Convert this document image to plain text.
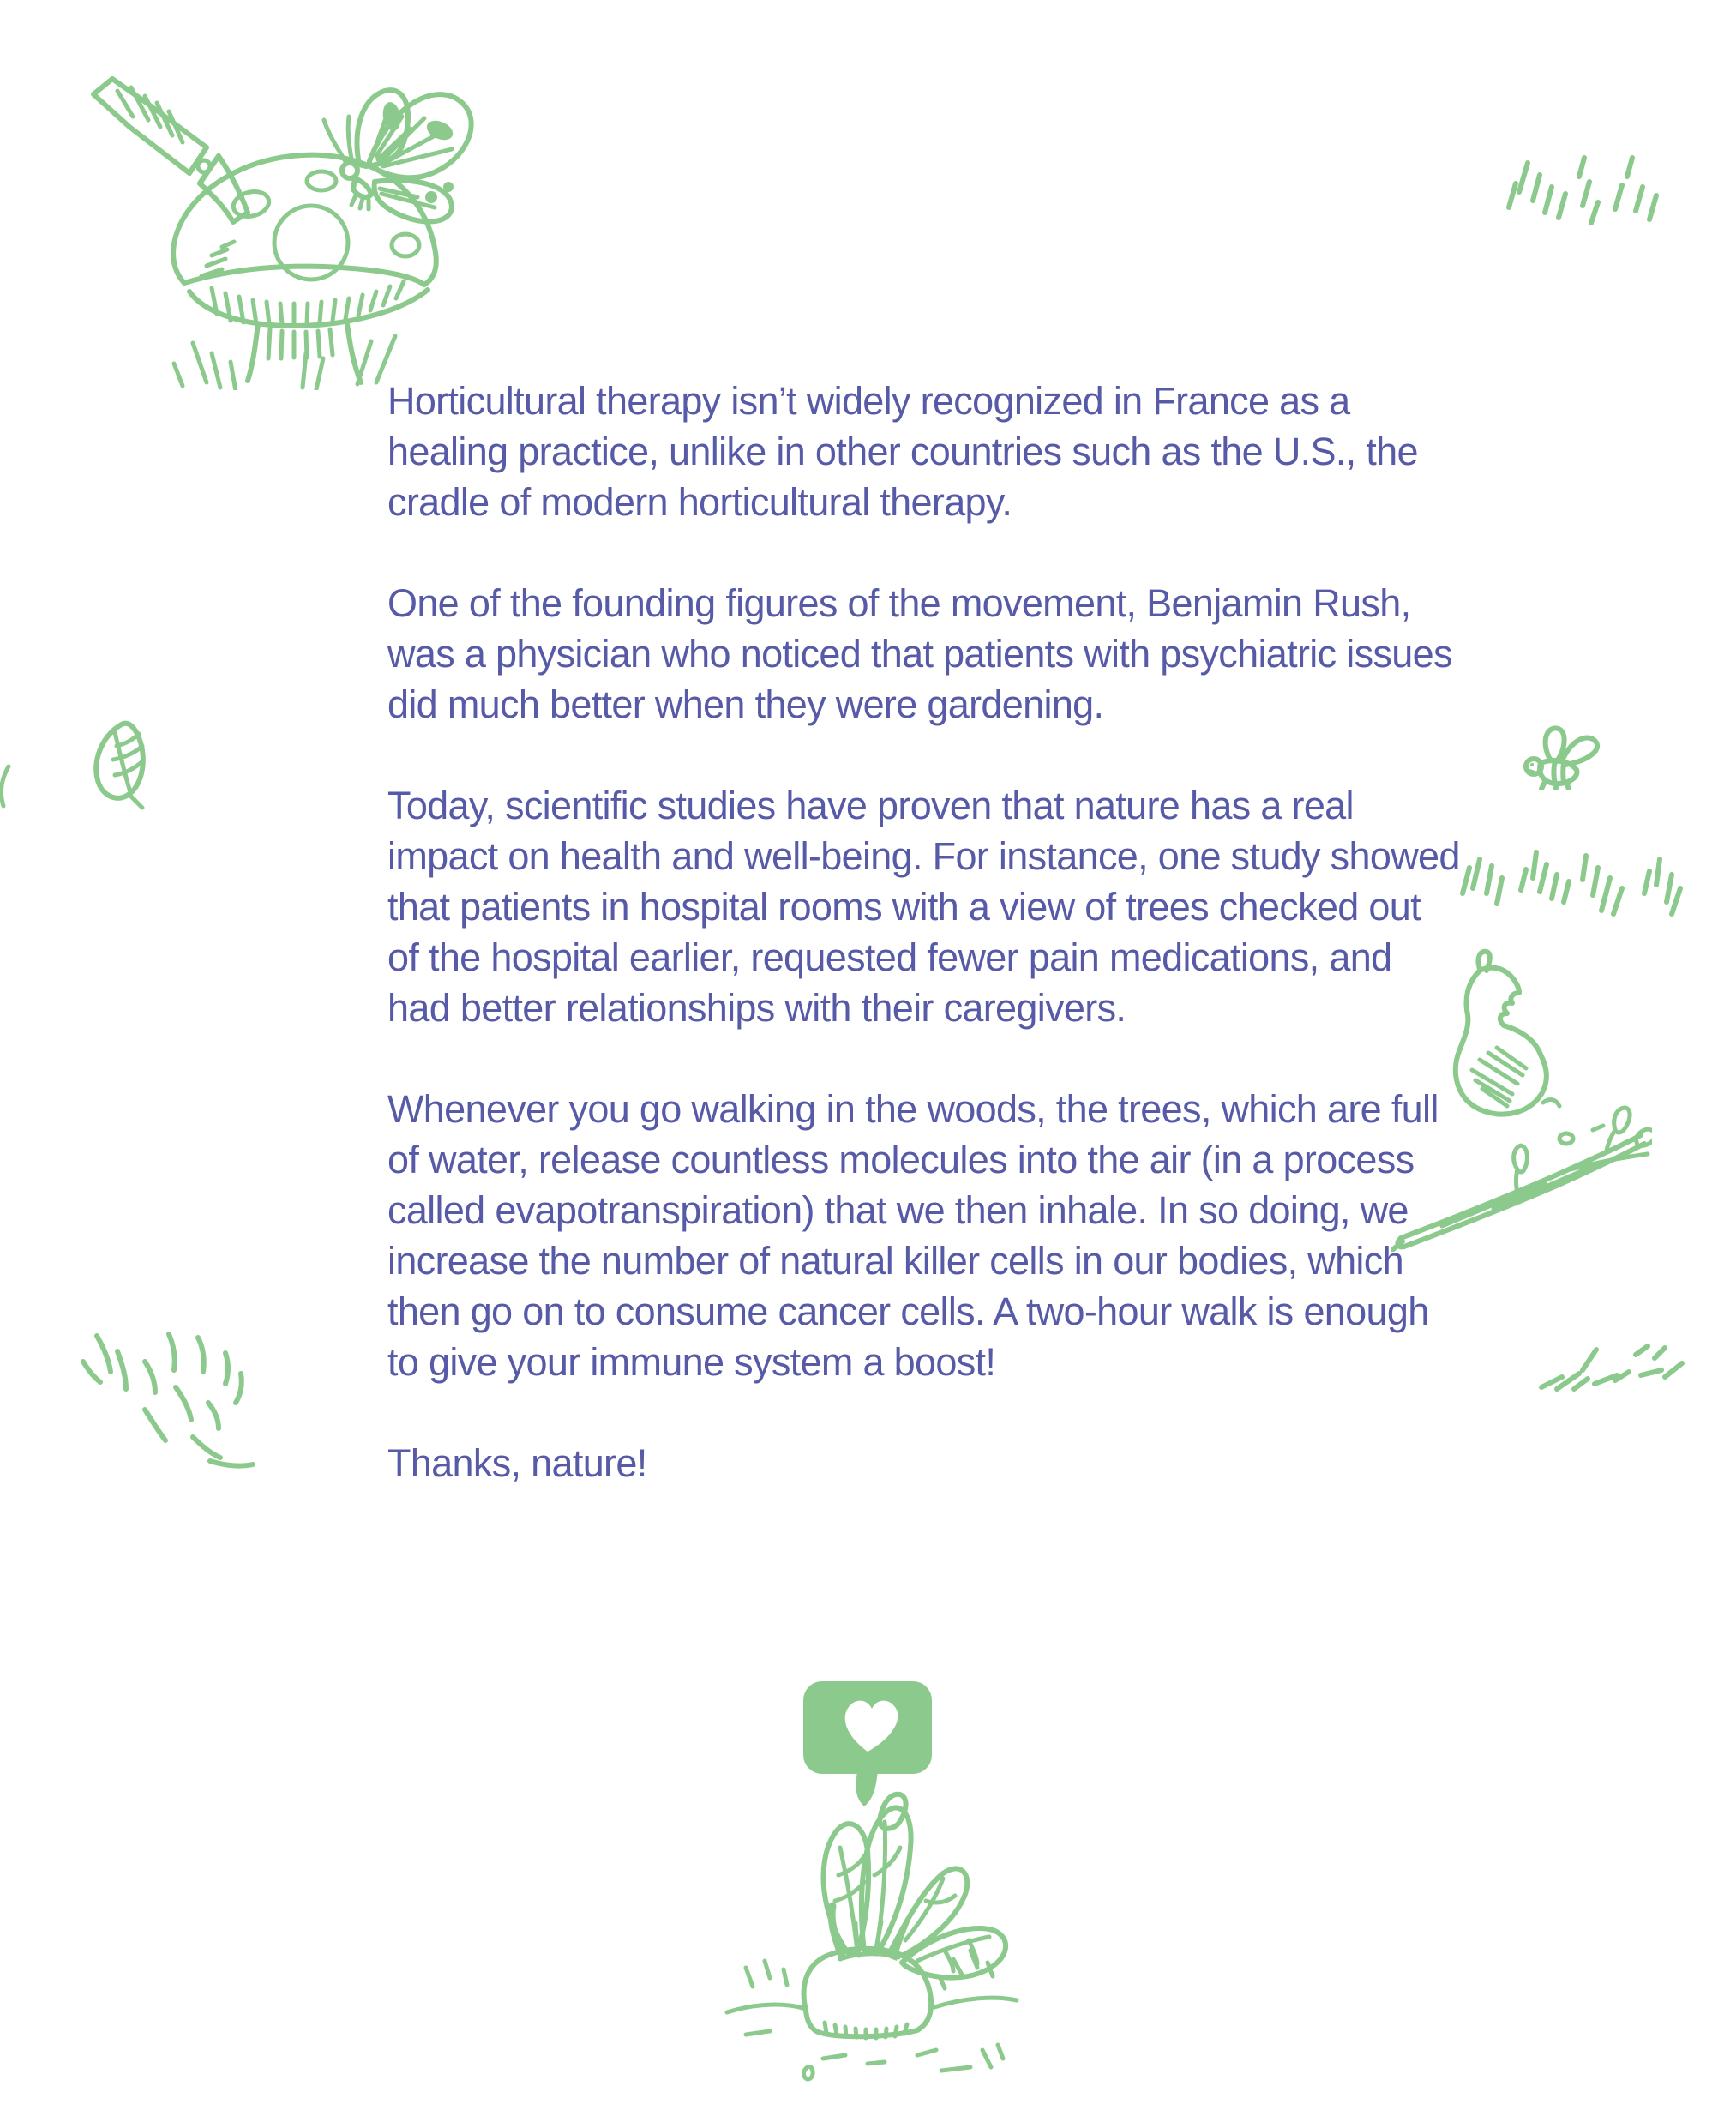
Horticultural therapy isn’t widely recognized in France as a
healing practice, unlike in other countries such as the U.S., the
cradle of modern horticultural therapy.

One of the founding figures of the movement, Benjamin Rush,
was a physician who noticed that patients with psychiatric issues
did much better when they were gardening.

Today, scientific studies have proven that nature has a real
impact on health and well-being. For instance, one study showed
that patients in hospital rooms with a view of trees checked out
of the hospital earlier, requested fewer pain medications, and
had better relationships with their caregivers.

Whenever you go walking in the woods, the trees, which are full
of water, release countless molecules into the air (in a process
called evapotranspiration) that we then inhale. In so doing, we
increase the number of natural killer cells in our bodies, which
then go on to consume cancer cells. A two-hour walk is enough
to give your immune system a boost!

Thanks, nature!
